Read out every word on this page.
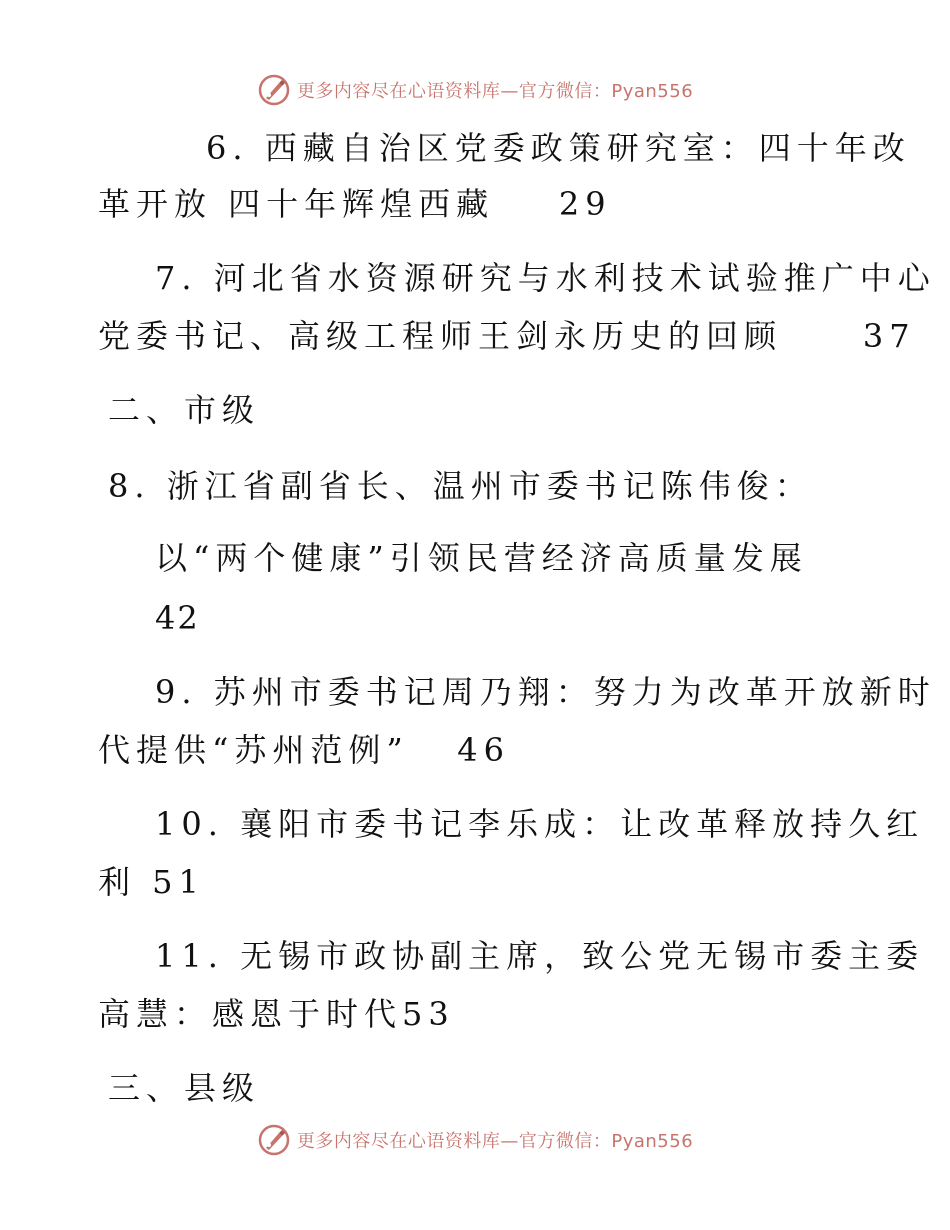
更多内容尽在心语资料库—官方微信：Pyan556
6. 西藏自治区党委政策研究室：四十年改
革开放 四十年辉煌西藏    29
7. 河北省水资源研究与水利技术试验推广中心
党委书记、高级工程师王剑永历史的回顾     37
二、市级
8. 浙江省副省长、温州市委书记陈伟俊：
以“两个健康”引领民营经济高质量发展
42
9. 苏州市委书记周乃翔：努力为改革开放新时
代提供“苏州范例”   46
10. 襄阳市委书记李乐成：让改革释放持久红
利 51
11. 无锡市政协副主席，致公党无锡市委主委
高慧：感恩于时代53
三、县级
更多内容尽在心语资料库—官方微信：Pyan556
